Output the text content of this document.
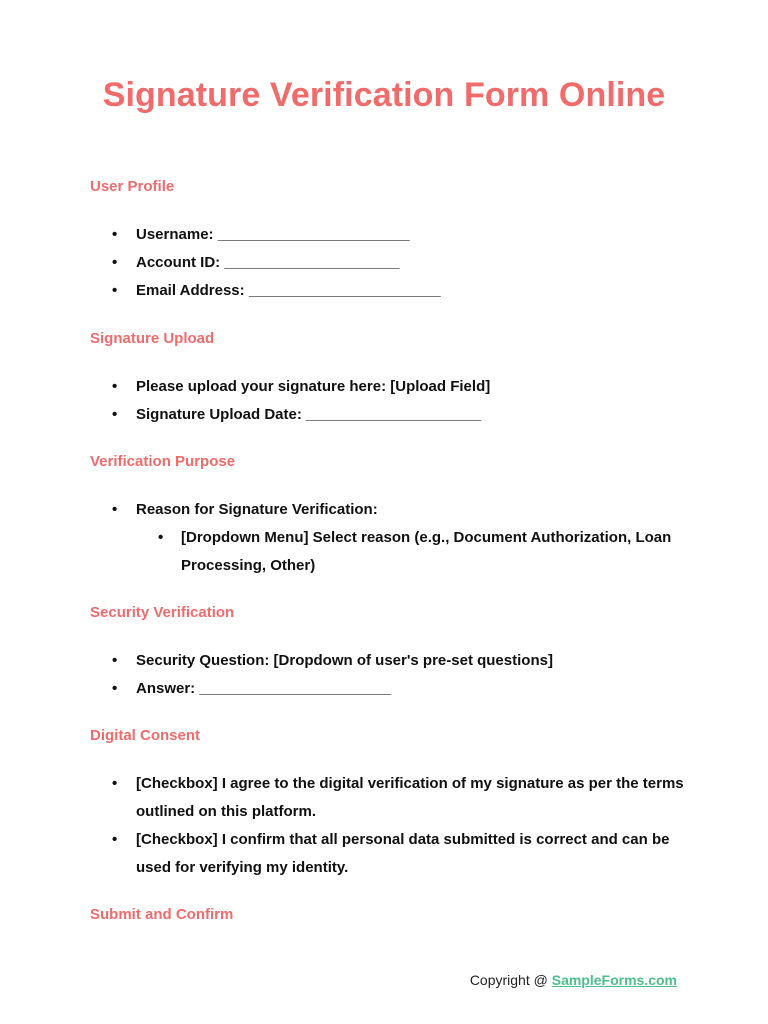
Signature Verification Form Online
User Profile
• Username: _______________________
• Account ID: _____________________
• Email Address: _______________________
Signature Upload
• Please upload your signature here: [Upload Field]
• Signature Upload Date: _____________________
Verification Purpose
• Reason for Signature Verification:
• [Dropdown Menu] Select reason (e.g., Document Authorization, Loan Processing, Other)
Security Verification
• Security Question: [Dropdown of user's pre-set questions]
• Answer: _______________________
Digital Consent
• [Checkbox] I agree to the digital verification of my signature as per the terms outlined on this platform.
• [Checkbox] I confirm that all personal data submitted is correct and can be used for verifying my identity.
Submit and Confirm
Copyright @ SampleForms.com
